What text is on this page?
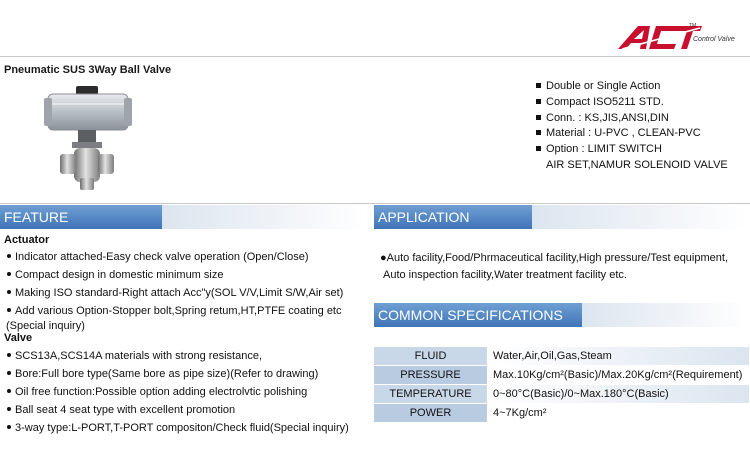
TM
Control Valve
Pneumatic SUS 3Way Ball Valve
Double or Single Action
Compact ISO5211 STD.
Conn. : KS,JIS,ANSI,DIN
Material : U-PVC , CLEAN-PVC
Option : LIMIT SWITCH
AIR SET,NAMUR SOLENOID VALVE
FEATURE
Actuator
Indicator attached-Easy check valve operation (Open/Close)
Compact design in domestic minimum size
Making ISO standard-Right attach Acc"y(SOL V/V,Limit S/W,Air set)
Add various Option-Stopper bolt,Spring retum,HT,PTFE coating etc
(Special inquiry)
Valve
SCS13A,SCS14A materials with strong resistance,
Bore:Full bore type(Same bore as pipe size)(Refer to drawing)
Oil free function:Possible option adding electrolvtic polishing
Ball seat 4 seat type with excellent promotion
3-way type:L-PORT,T-PORT compositon/Check fluid(Special inquiry)
APPLICATION
●Auto facility,Food/Phrmaceutical facility,High pressure/Test equipment,
Auto inspection facility,Water treatment facility etc.
COMMON SPECIFICATIONS
FLUID	Water,Air,Oil,Gas,Steam
PRESSURE	Max.10Kg/cm²(Basic)/Max.20Kg/cm²(Requirement)
TEMPERATURE	0~80°C(Basic)/0~Max.180°C(Basic)
POWER	4~7Kg/cm²
